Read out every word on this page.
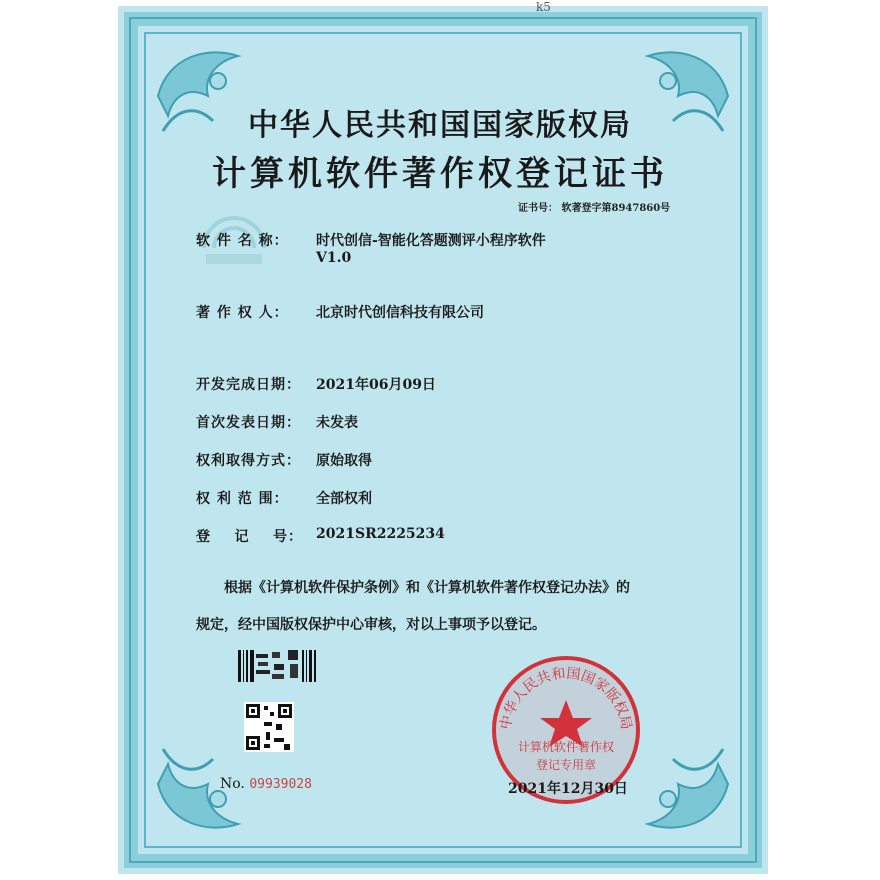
k5
中华人民共和国国家版权局
计算机软件著作权登记证书
证书号： 软著登字第8947860号
软 件 名 称： 时代创信-智能化答题测评小程序软件
V1.0
著 作 权 人： 北京时代创信科技有限公司
开发完成日期： 2021年06月09日
首次发表日期： 未发表
权利取得方式： 原始取得
权 利 范 围： 全部权利
登    记    号： 2021SR2225234
根据《计算机软件保护条例》和《计算机软件著作权登记办法》的
规定，经中国版权保护中心审核，对以上事项予以登记。
No. 09939028
中华人民共和国国家版权局
计算机软件著作权
登记专用章
2021年12月30日
